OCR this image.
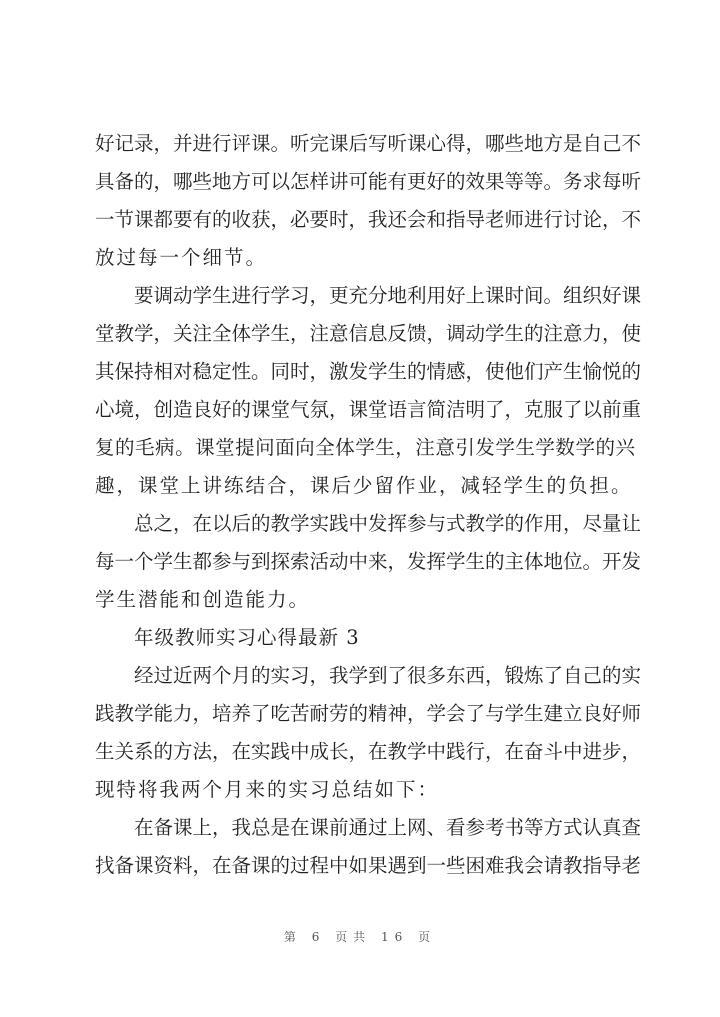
好记录，并进行评课。听完课后写听课心得，哪些地方是自己不
具备的，哪些地方可以怎样讲可能有更好的效果等等。务求每听
一节课都要有的收获，必要时，我还会和指导老师进行讨论，不
放过每一个细节。
要调动学生进行学习，更充分地利用好上课时间。组织好课
堂教学，关注全体学生，注意信息反馈，调动学生的注意力，使
其保持相对稳定性。同时，激发学生的情感，使他们产生愉悦的
心境，创造良好的课堂气氛，课堂语言简洁明了，克服了以前重
复的毛病。课堂提问面向全体学生，注意引发学生学数学的兴
趣，课堂上讲练结合，课后少留作业，减轻学生的负担。
总之，在以后的教学实践中发挥参与式教学的作用，尽量让
每一个学生都参与到探索活动中来，发挥学生的主体地位。开发
学生潜能和创造能力。
年级教师实习心得最新 3
经过近两个月的实习，我学到了很多东西，锻炼了自己的实
践教学能力，培养了吃苦耐劳的精神，学会了与学生建立良好师
生关系的方法，在实践中成长，在教学中践行，在奋斗中进步，
现特将我两个月来的实习总结如下：
在备课上，我总是在课前通过上网、看参考书等方式认真查
找备课资料，在备课的过程中如果遇到一些困难我会请教指导老
第 6 页共 16 页
